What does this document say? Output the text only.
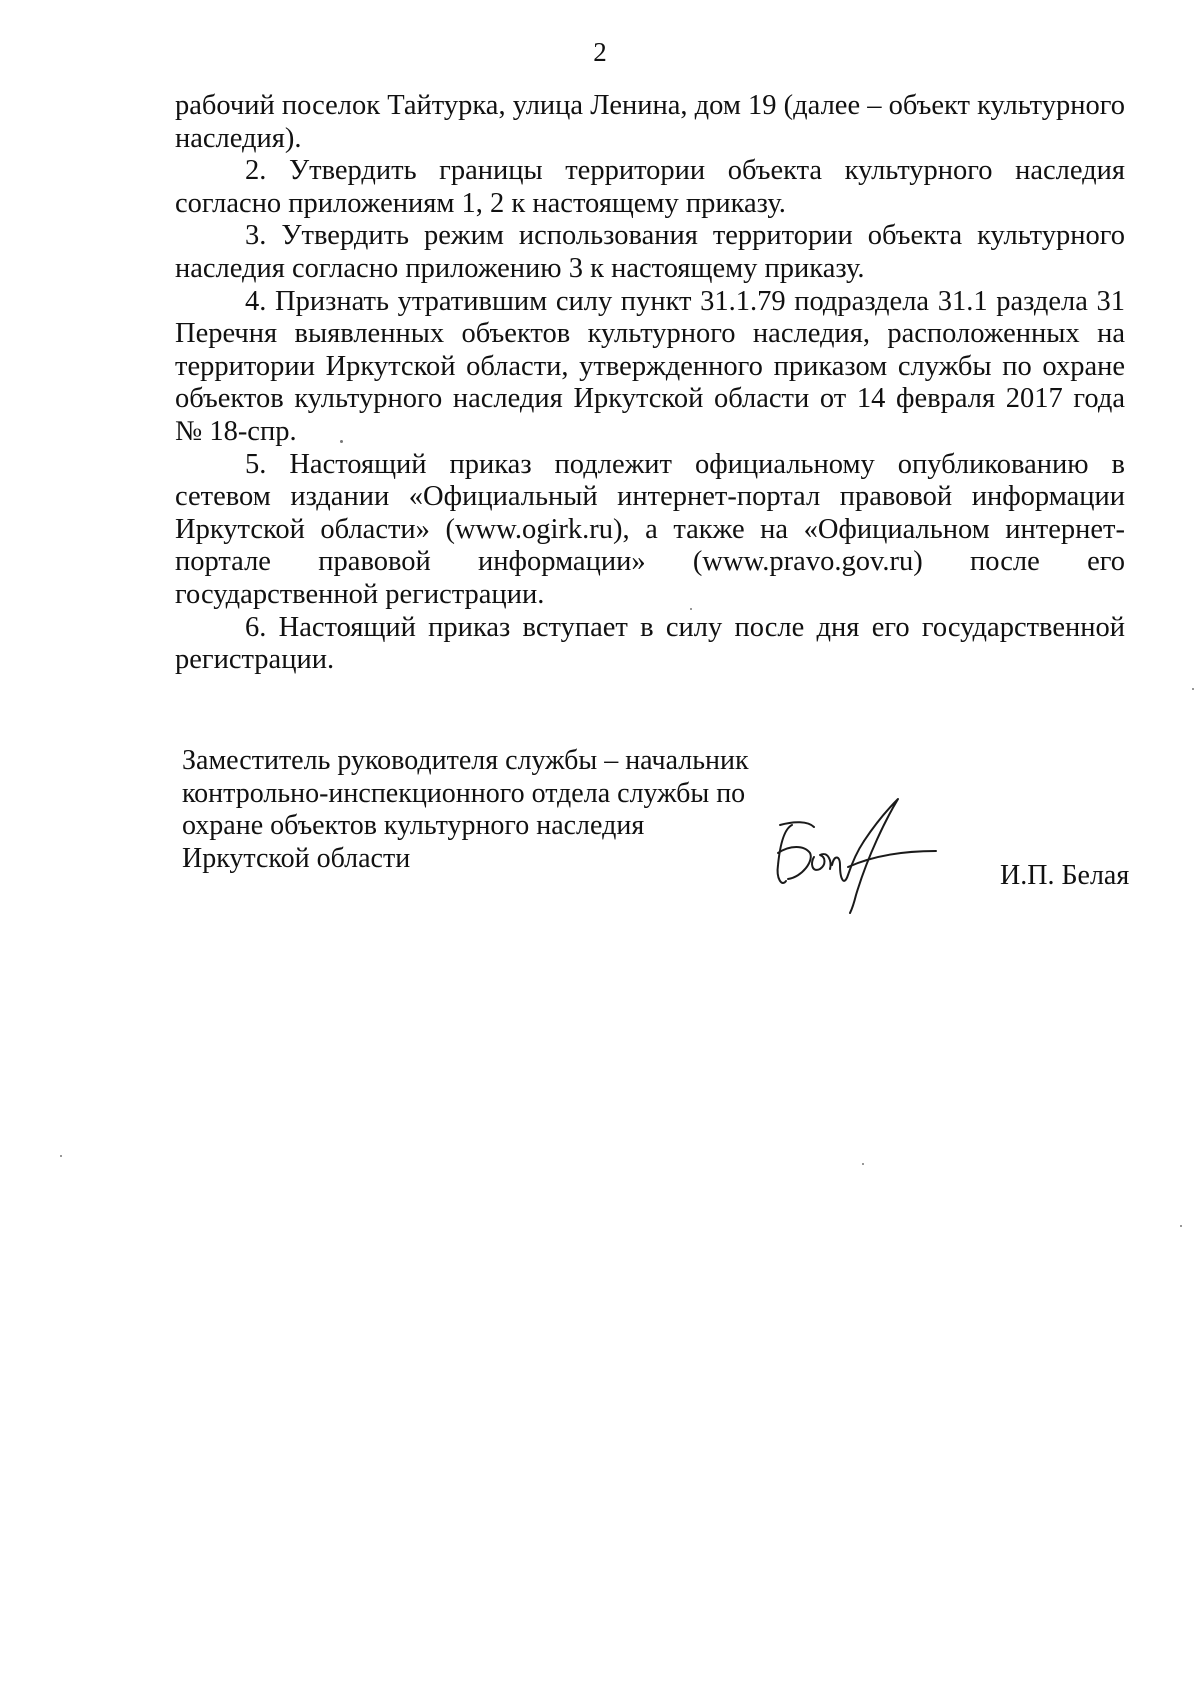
2

рабочий поселок Тайтурка, улица Ленина, дом 19 (далее – объект культурного наследия).

2. Утвердить границы территории объекта культурного наследия согласно приложениям 1, 2 к настоящему приказу.

3. Утвердить режим использования территории объекта культурного наследия согласно приложению 3 к настоящему приказу.

4. Признать утратившим силу пункт 31.1.79 подраздела 31.1 раздела 31 Перечня выявленных объектов культурного наследия, расположенных на территории Иркутской области, утвержденного приказом службы по охране объектов культурного наследия Иркутской области от 14 февраля 2017 года № 18-спр.

5. Настоящий приказ подлежит официальному опубликованию в сетевом издании «Официальный интернет-портал правовой информации Иркутской области» (www.ogirk.ru), а также на «Официальном интернет-портале правовой информации» (www.pravo.gov.ru) после его государственной регистрации.

6. Настоящий приказ вступает в силу после дня его государственной регистрации.

Заместитель руководителя службы – начальник
контрольно-инспекционного отдела службы по
охране объектов культурного наследия
Иркутской области
И.П. Белая
